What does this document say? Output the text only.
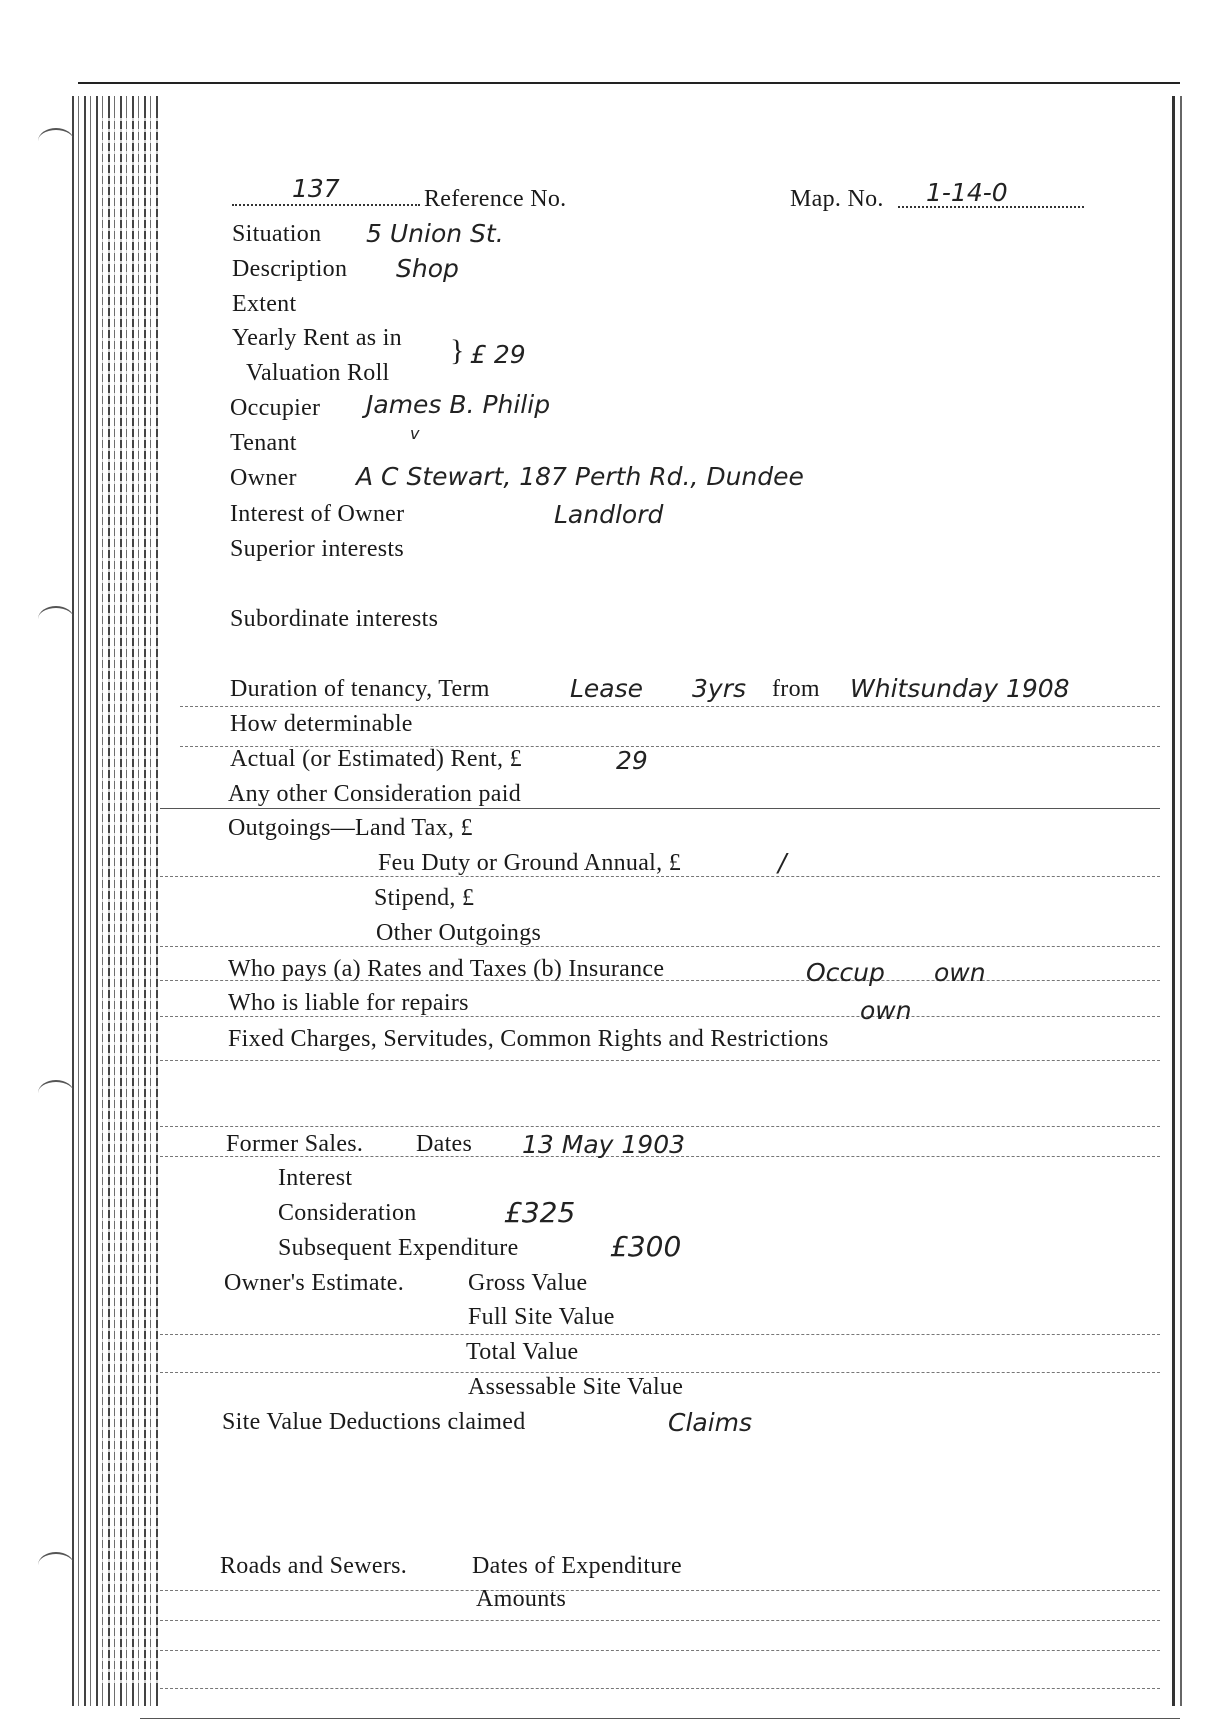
137	Reference No.	Map. No. 1-14-0
Situation 5 Union St.
Description Shop
Extent
Yearly Rent as in
Valuation Roll
} £ 29
Occupier James B. Philip
Tenant	v
Owner A C Stewart, 187 Perth Rd., Dundee
Interest of Owner	Landlord
Superior interests
Subordinate interests
Duration of tenancy, Term	Lease 3yrs from Whitsunday 1908
How determinable
Actual (or Estimated) Rent, £	29
Any other Consideration paid
Outgoings—Land Tax, £
Feu Duty or Ground Annual, £	/
Stipend, £
Other Outgoings
Who pays (a) Rates and Taxes (b) Insurance	Occup own
Who is liable for repairs	own
Fixed Charges, Servitudes, Common Rights and Restrictions
Former Sales. Dates 13 May 1903
Interest
Consideration	£325
Subsequent Expenditure	£300
Owner's Estimate.	Gross Value
Full Site Value
Total Value
Assessable Site Value
Site Value Deductions claimed	Claims
Roads and Sewers.	Dates of Expenditure
Amounts
